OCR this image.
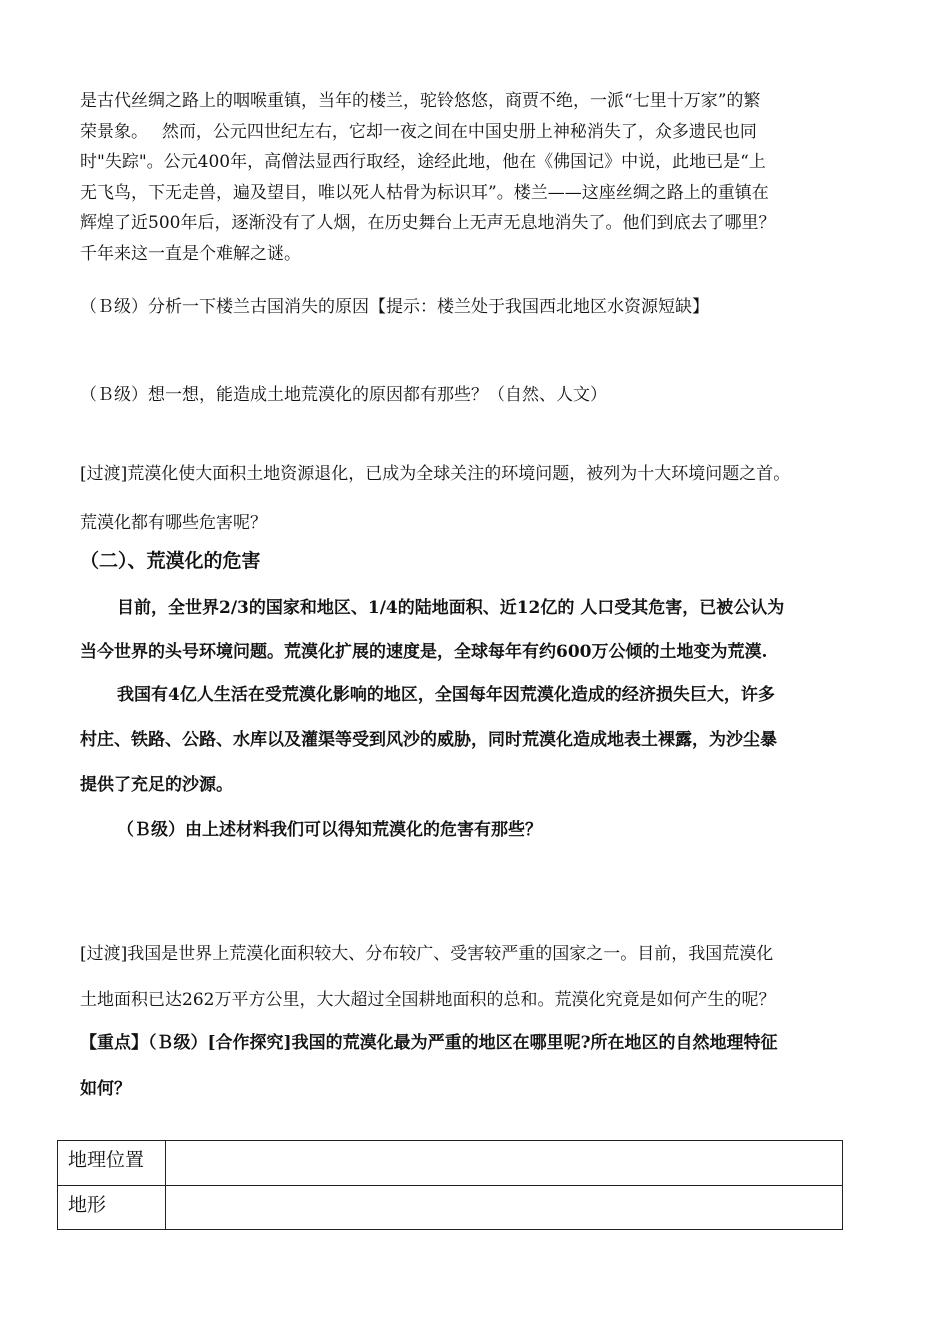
是古代丝绸之路上的咽喉重镇，当年的楼兰，驼铃悠悠，商贾不绝，一派“七里十万家”的繁
荣景象。　 然而，公元四世纪左右，它却一夜之间在中国史册上神秘消失了，众多遗民也同
时"失踪"。公元400年，高僧法显西行取经，途经此地，他在《佛国记》中说，此地已是“上
无飞鸟，下无走兽，遍及望目，唯以死人枯骨为标识耳”。楼兰——这座丝绸之路上的重镇在
辉煌了近500年后，逐渐没有了人烟，在历史舞台上无声无息地消失了。他们到底去了哪里？
千年来这一直是个难解之谜。
（Ｂ级）分析一下楼兰古国消失的原因【提示：楼兰处于我国西北地区水资源短缺】
（Ｂ级）想一想，能造成土地荒漠化的原因都有那些？（自然、人文）
[过渡]荒漠化使大面积土地资源退化，已成为全球关注的环境问题，被列为十大环境问题之首。
荒漠化都有哪些危害呢？
（二）、荒漠化的危害
目前，全世界2/3的国家和地区、1/4的陆地面积、近12亿的 人口受其危害，已被公认为
当今世界的头号环境问题。荒漠化扩展的速度是，全球每年有约600万公倾的土地变为荒漠.
我国有4亿人生活在受荒漠化影响的地区，全国每年因荒漠化造成的经济损失巨大，许多
村庄、铁路、公路、水库以及灌渠等受到风沙的威胁，同时荒漠化造成地表土裸露，为沙尘暴
提供了充足的沙源。
（Ｂ级）由上述材料我们可以得知荒漠化的危害有那些？
[过渡]我国是世界上荒漠化面积较大、分布较广、受害较严重的国家之一。目前，我国荒漠化
土地面积已达262万平方公里，大大超过全国耕地面积的总和。荒漠化究竟是如何产生的呢？
【重点】（Ｂ级）[合作探究]我国的荒漠化最为严重的地区在哪里呢?所在地区的自然地理特征
如何？
地理位置
地形
